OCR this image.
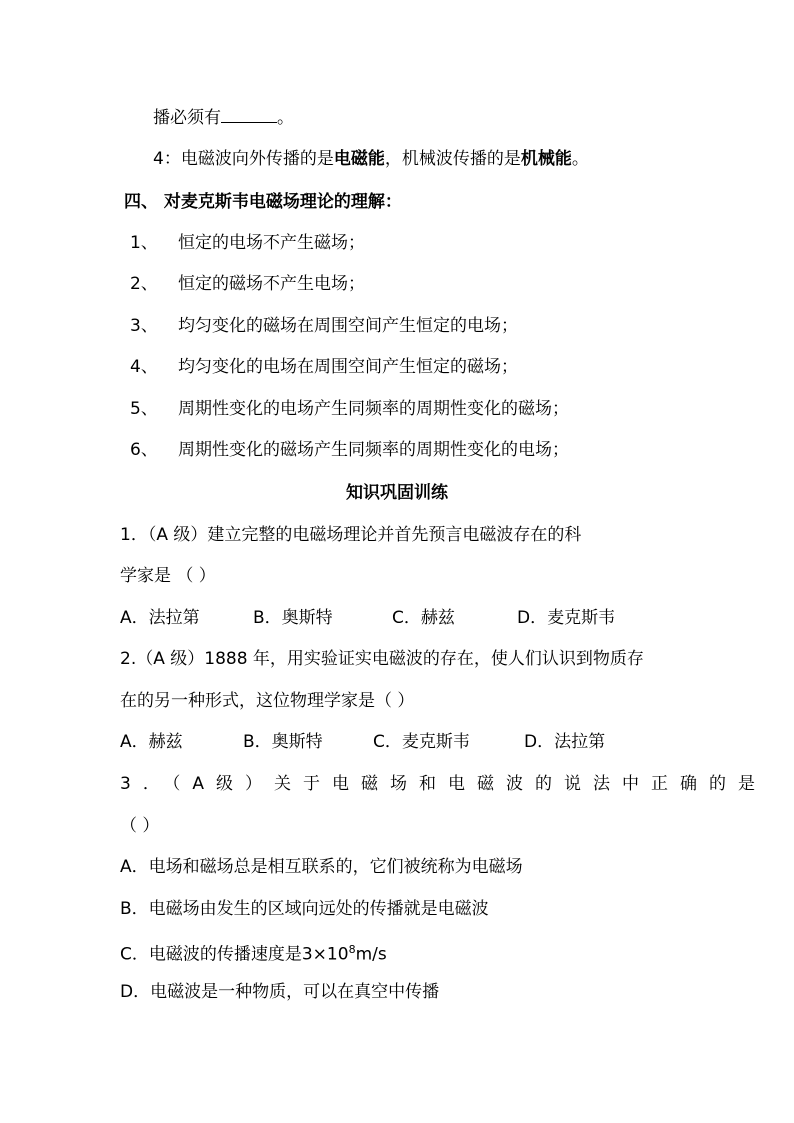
播必须有	。
4：电磁波向外传播的是电磁能，机械波传播的是机械能。
四、 对麦克斯韦电磁场理论的理解：
1、 恒定的电场不产生磁场；
2、 恒定的磁场不产生电场；
3、 均匀变化的磁场在周围空间产生恒定的电场；
4、 均匀变化的电场在周围空间产生恒定的磁场；
5、 周期性变化的电场产生同频率的周期性变化的磁场；
6、 周期性变化的磁场产生同频率的周期性变化的电场；
知识巩固训练
1．（A 级）建立完整的电磁场理论并首先预言电磁波存在的科
学家是 （ ）
A．法拉第	B．奥斯特	C．赫兹	D．麦克斯韦
2.（A 级）1888 年，用实验证实电磁波的存在，使人们认识到物质存
在的另一种形式，这位物理学家是（ ）
A．赫兹	B．奥斯特	C．麦克斯韦	D．法拉第
3．（A级）关于电磁场和电磁波的说法中正确的是
（ ）
A．电场和磁场总是相互联系的，它们被统称为电磁场
B．电磁场由发生的区域向远处的传播就是电磁波
C．电磁波的传播速度是$3\times 10^8m/s$
D．电磁波是一种物质，可以在真空中传播
